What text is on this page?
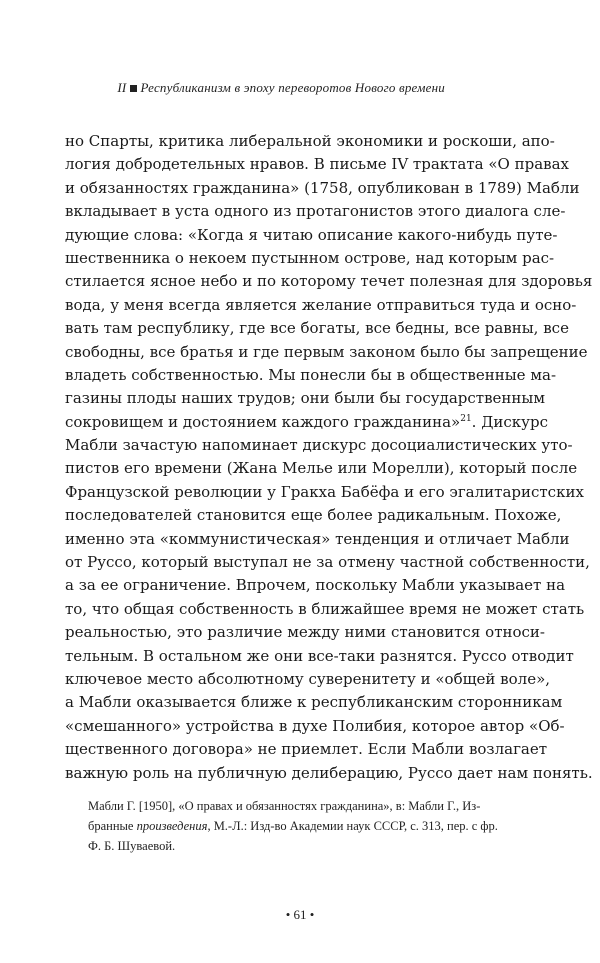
II Республиканизм в эпоху переворотов Нового времени
но Спарты, критика либеральной экономики и роскоши, апо-
логия добродетельных нравов. В письме IV трактата «О правах
и обязанностях гражданина» (1758, опубликован в 1789) Мабли
вкладывает в уста одного из протагонистов этого диалога сле-
дующие слова: «Когда я читаю описание какого-нибудь путе-
шественника о некоем пустынном острове, над которым рас-
стилается ясное небо и по которому течет полезная для здоровья
вода, у меня всегда является желание отправиться туда и осно-
вать там республику, где все богаты, все бедны, все равны, все
свободны, все братья и где первым законом было бы запрещение
владеть собственностью. Мы понесли бы в общественные ма-
газины плоды наших трудов; они были бы государственным
сокровищем и достоянием каждого гражданина»$^{21}$. Дискурс
Мабли зачастую напоминает дискурс досоциалистических уто-
пистов его времени (Жана Мелье или Морелли), который после
Французской революции у Гракха Бабёфа и его эгалитаристских
последователей становится еще более радикальным. Похоже,
именно эта «коммунистическая» тенденция и отличает Мабли
от Руссо, который выступал не за отмену частной собственности,
а за ее ограничение. Впрочем, поскольку Мабли указывает на
то, что общая собственность в ближайшее время не может стать
реальностью, это различие между ними становится относи-
тельным. В остальном же они все-таки разнятся. Руссо отводит
ключевое место абсолютному суверенитету и «общей воле»,
а Мабли оказывается ближе к республиканским сторонникам
«смешанного» устройства в духе Полибия, которое автор «Об-
щественного договора» не приемлет. Если Мабли возлагает
важную роль на публичную делиберацию, Руссо дает нам понять.
Мабли Г. [1950], «О правах и обязанностях гражданина», в: Мабли Г., Из-
бранные произведения, М.-Л.: Изд-во Академии наук СССР, с. 313, пер. с фр.
Ф. Б. Шуваевой.
• 61 •
